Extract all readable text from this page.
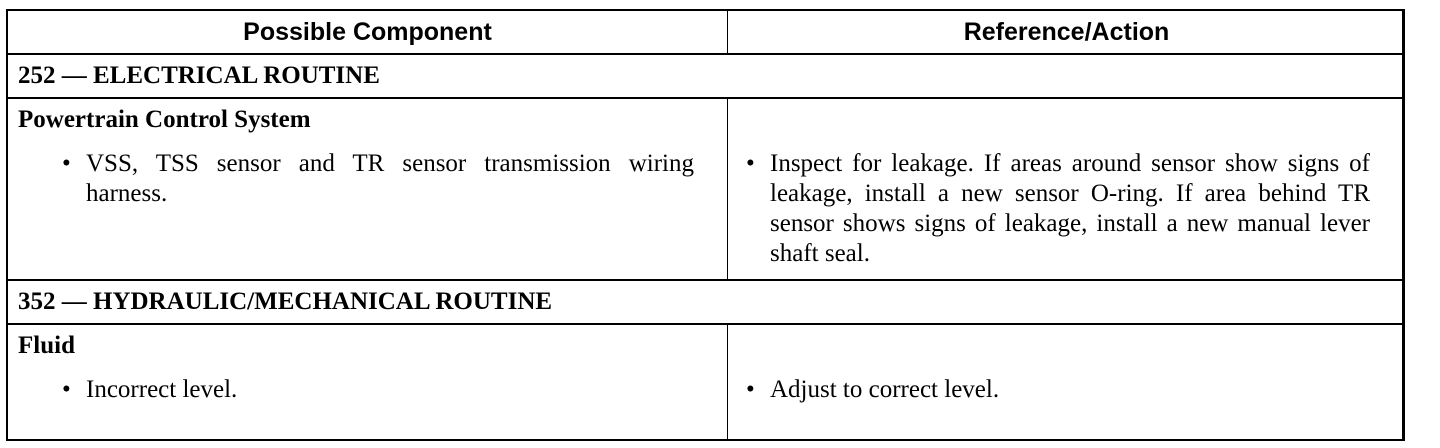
Possible Component	Reference/Action
252 — ELECTRICAL ROUTINE
Powertrain Control System
• VSS, TSS sensor and TR sensor transmission wiring harness.
• Inspect for leakage. If areas around sensor show signs of leakage, install a new sensor O-ring. If area behind TR sensor shows signs of leakage, install a new manual lever shaft seal.
352 — HYDRAULIC/MECHANICAL ROUTINE
Fluid
• Incorrect level.	• Adjust to correct level.
